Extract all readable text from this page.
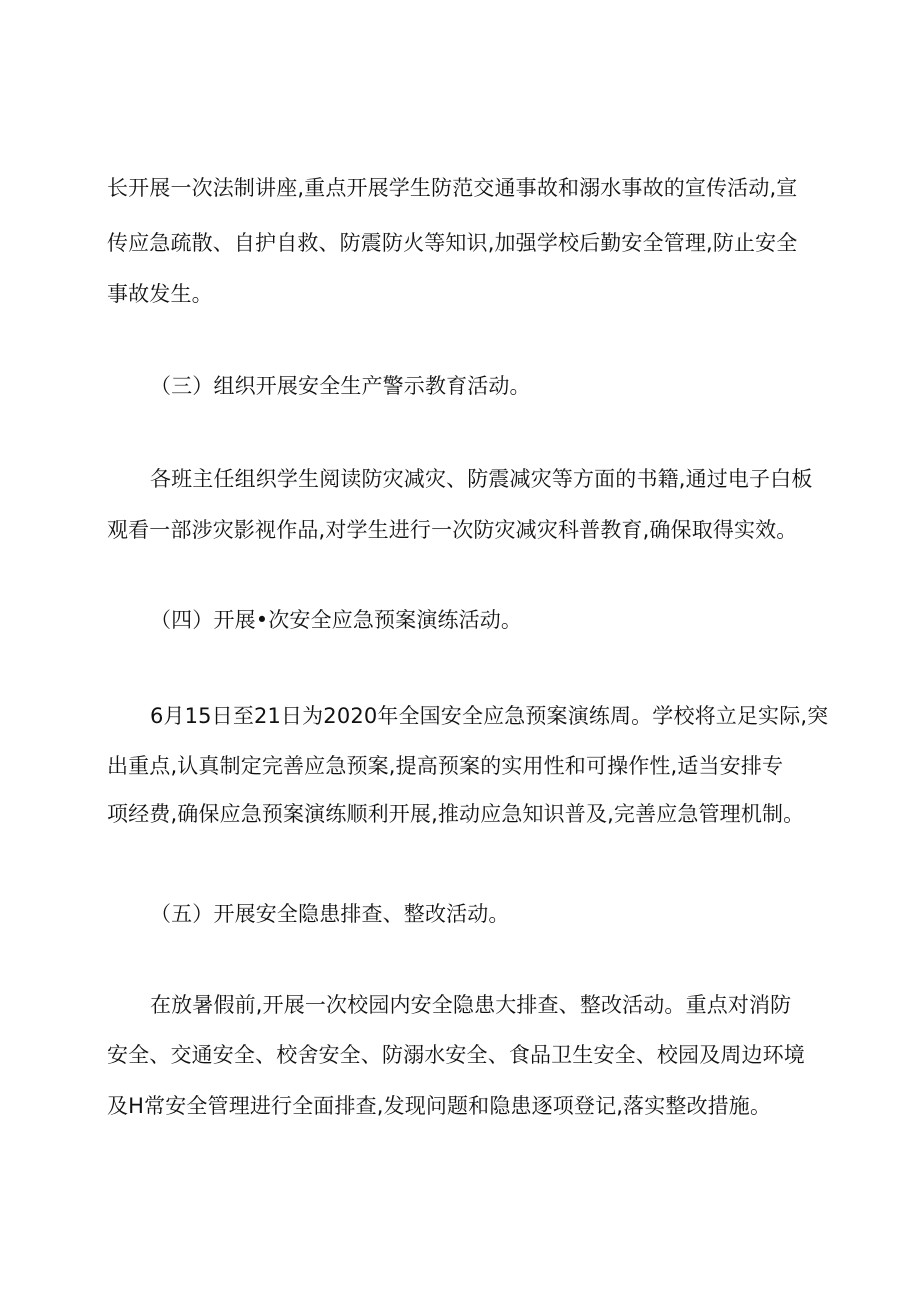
长开展一次法制讲座,重点开展学生防范交通事故和溺水事故的宣传活动,宣
传应急疏散、自护自救、防震防火等知识,加强学校后勤安全管理,防止安全
事故发生。
（三）组织开展安全生产警示教育活动。
各班主任组织学生阅读防灾减灾、防震减灾等方面的书籍,通过电子白板
观看一部涉灾影视作品,对学生进行一次防灾减灾科普教育,确保取得实效。
（四）开展•次安全应急预案演练活动。
6月15日至21日为2020年全国安全应急预案演练周。学校将立足实际,突
出重点,认真制定完善应急预案,提高预案的实用性和可操作性,适当安排专
项经费,确保应急预案演练顺利开展,推动应急知识普及,完善应急管理机制。
（五）开展安全隐患排查、整改活动。
在放暑假前,开展一次校园内安全隐患大排查、整改活动。重点对消防
安全、交通安全、校舍安全、防溺水安全、食品卫生安全、校园及周边环境
及H常安全管理进行全面排查,发现问题和隐患逐项登记,落实整改措施。
